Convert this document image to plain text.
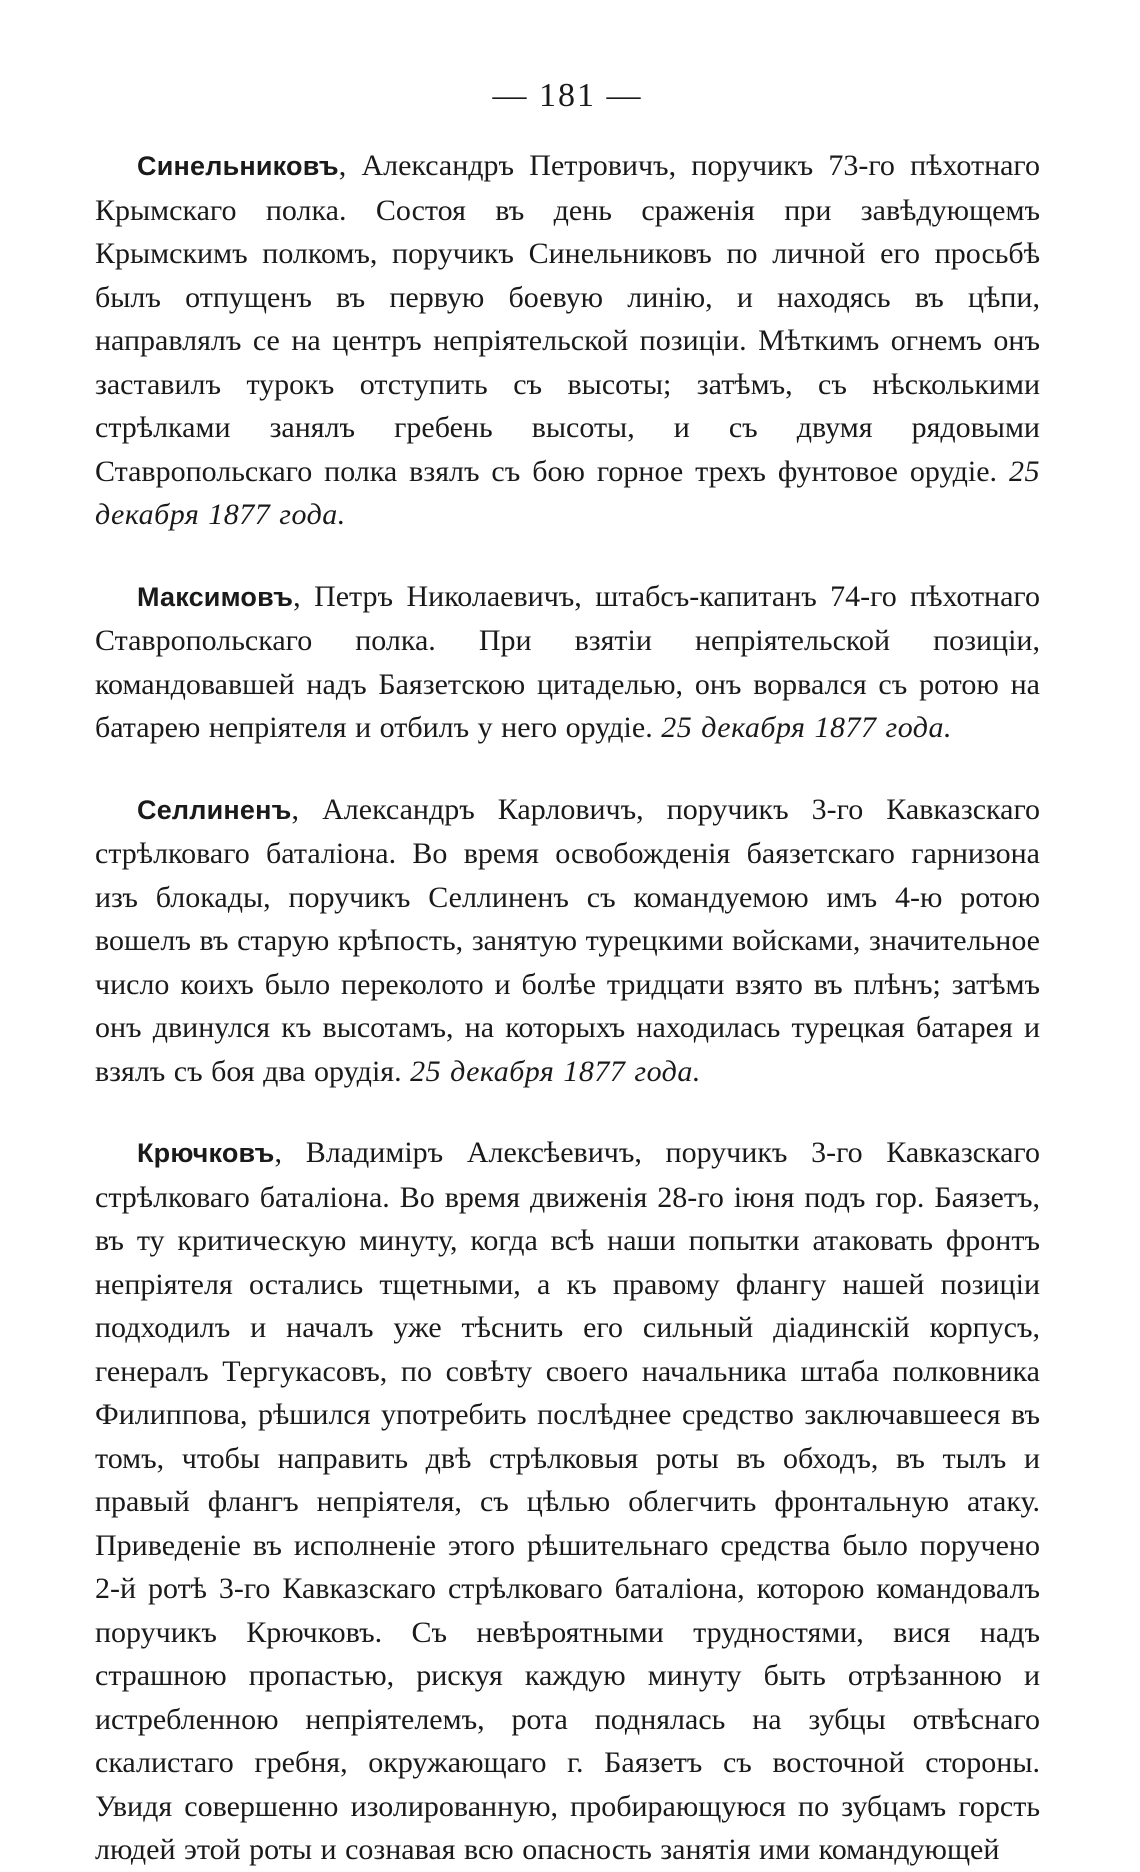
— 181 —

Синельниковъ, Александръ Петровичъ, поручикъ 73-го пѣхотнаго Крымскаго полка. Состоя въ день сраженія при завѣдующемъ Крымскимъ полкомъ, поручикъ Синельниковъ по личной его просьбѣ былъ отпущенъ въ первую боевую линію, и находясь въ цѣпи, направлялъ се на центръ непріятельской позиціи. Мѣткимъ огнемъ онъ заставилъ турокъ отступить съ высоты; затѣмъ, съ нѣсколькими стрѣлками занялъ гребень высоты, и съ двумя рядовыми Ставропольскаго полка взялъ съ бою горное трехъ фунтовое орудіе. 25 декабря 1877 года.

Максимовъ, Петръ Николаевичъ, штабсъ-капитанъ 74-го пѣхотнаго Ставропольскаго полка. При взятіи непріятельской позиціи, командовавшей надъ Баязетскою цитаделью, онъ ворвался съ ротою на батарею непріятеля и отбилъ у него орудіе. 25 декабря 1877 года.

Селлиненъ, Александръ Карловичъ, поручикъ 3-го Кавказскаго стрѣлковаго баталіона. Во время освобожденія баязетскаго гарнизона изъ блокады, поручикъ Селлиненъ съ командуемою имъ 4-ю ротою вошелъ въ старую крѣпость, занятую турецкими войсками, значительное число коихъ было переколото и болѣе тридцати взято въ плѣнъ; затѣмъ онъ двинулся къ высотамъ, на которыхъ находилась турецкая батарея и взялъ съ боя два орудія. 25 декабря 1877 года.

Крючковъ, Владиміръ Алексѣевичъ, поручикъ 3-го Кавказскаго стрѣлковаго баталіона. Во время движенія 28-го іюня подъ гор. Баязетъ, въ ту критическую минуту, когда всѣ наши попытки атаковать фронтъ непріятеля остались тщетными, а къ правому флангу нашей позиціи подходилъ и началъ уже тѣснить его сильный діадинскій корпусъ, генералъ Тергукасовъ, по совѣту своего начальника штаба полковника Филиппова, рѣшился употребить послѣднее средство заключавшееся въ томъ, чтобы направить двѣ стрѣлковыя роты въ обходъ, въ тылъ и правый флангъ непріятеля, съ цѣлью облегчить фронтальную атаку. Приведеніе въ исполненіе этого рѣшительнаго средства было поручено 2-й ротѣ 3-го Кавказскаго стрѣлковаго баталіона, которою командовалъ поручикъ Крючковъ. Съ невѣроятными трудностями, вися надъ страшною пропастью, рискуя каждую минуту быть отрѣзанною и истребленною непріятелемъ, рота поднялась на зубцы отвѣснаго скалистаго гребня, окружающаго г. Баязетъ съ восточной стороны. Увидя совершенно изолированную, пробирающуюся по зубцамъ горсть людей этой роты и сознавая всю опасность занятія ими командующей
